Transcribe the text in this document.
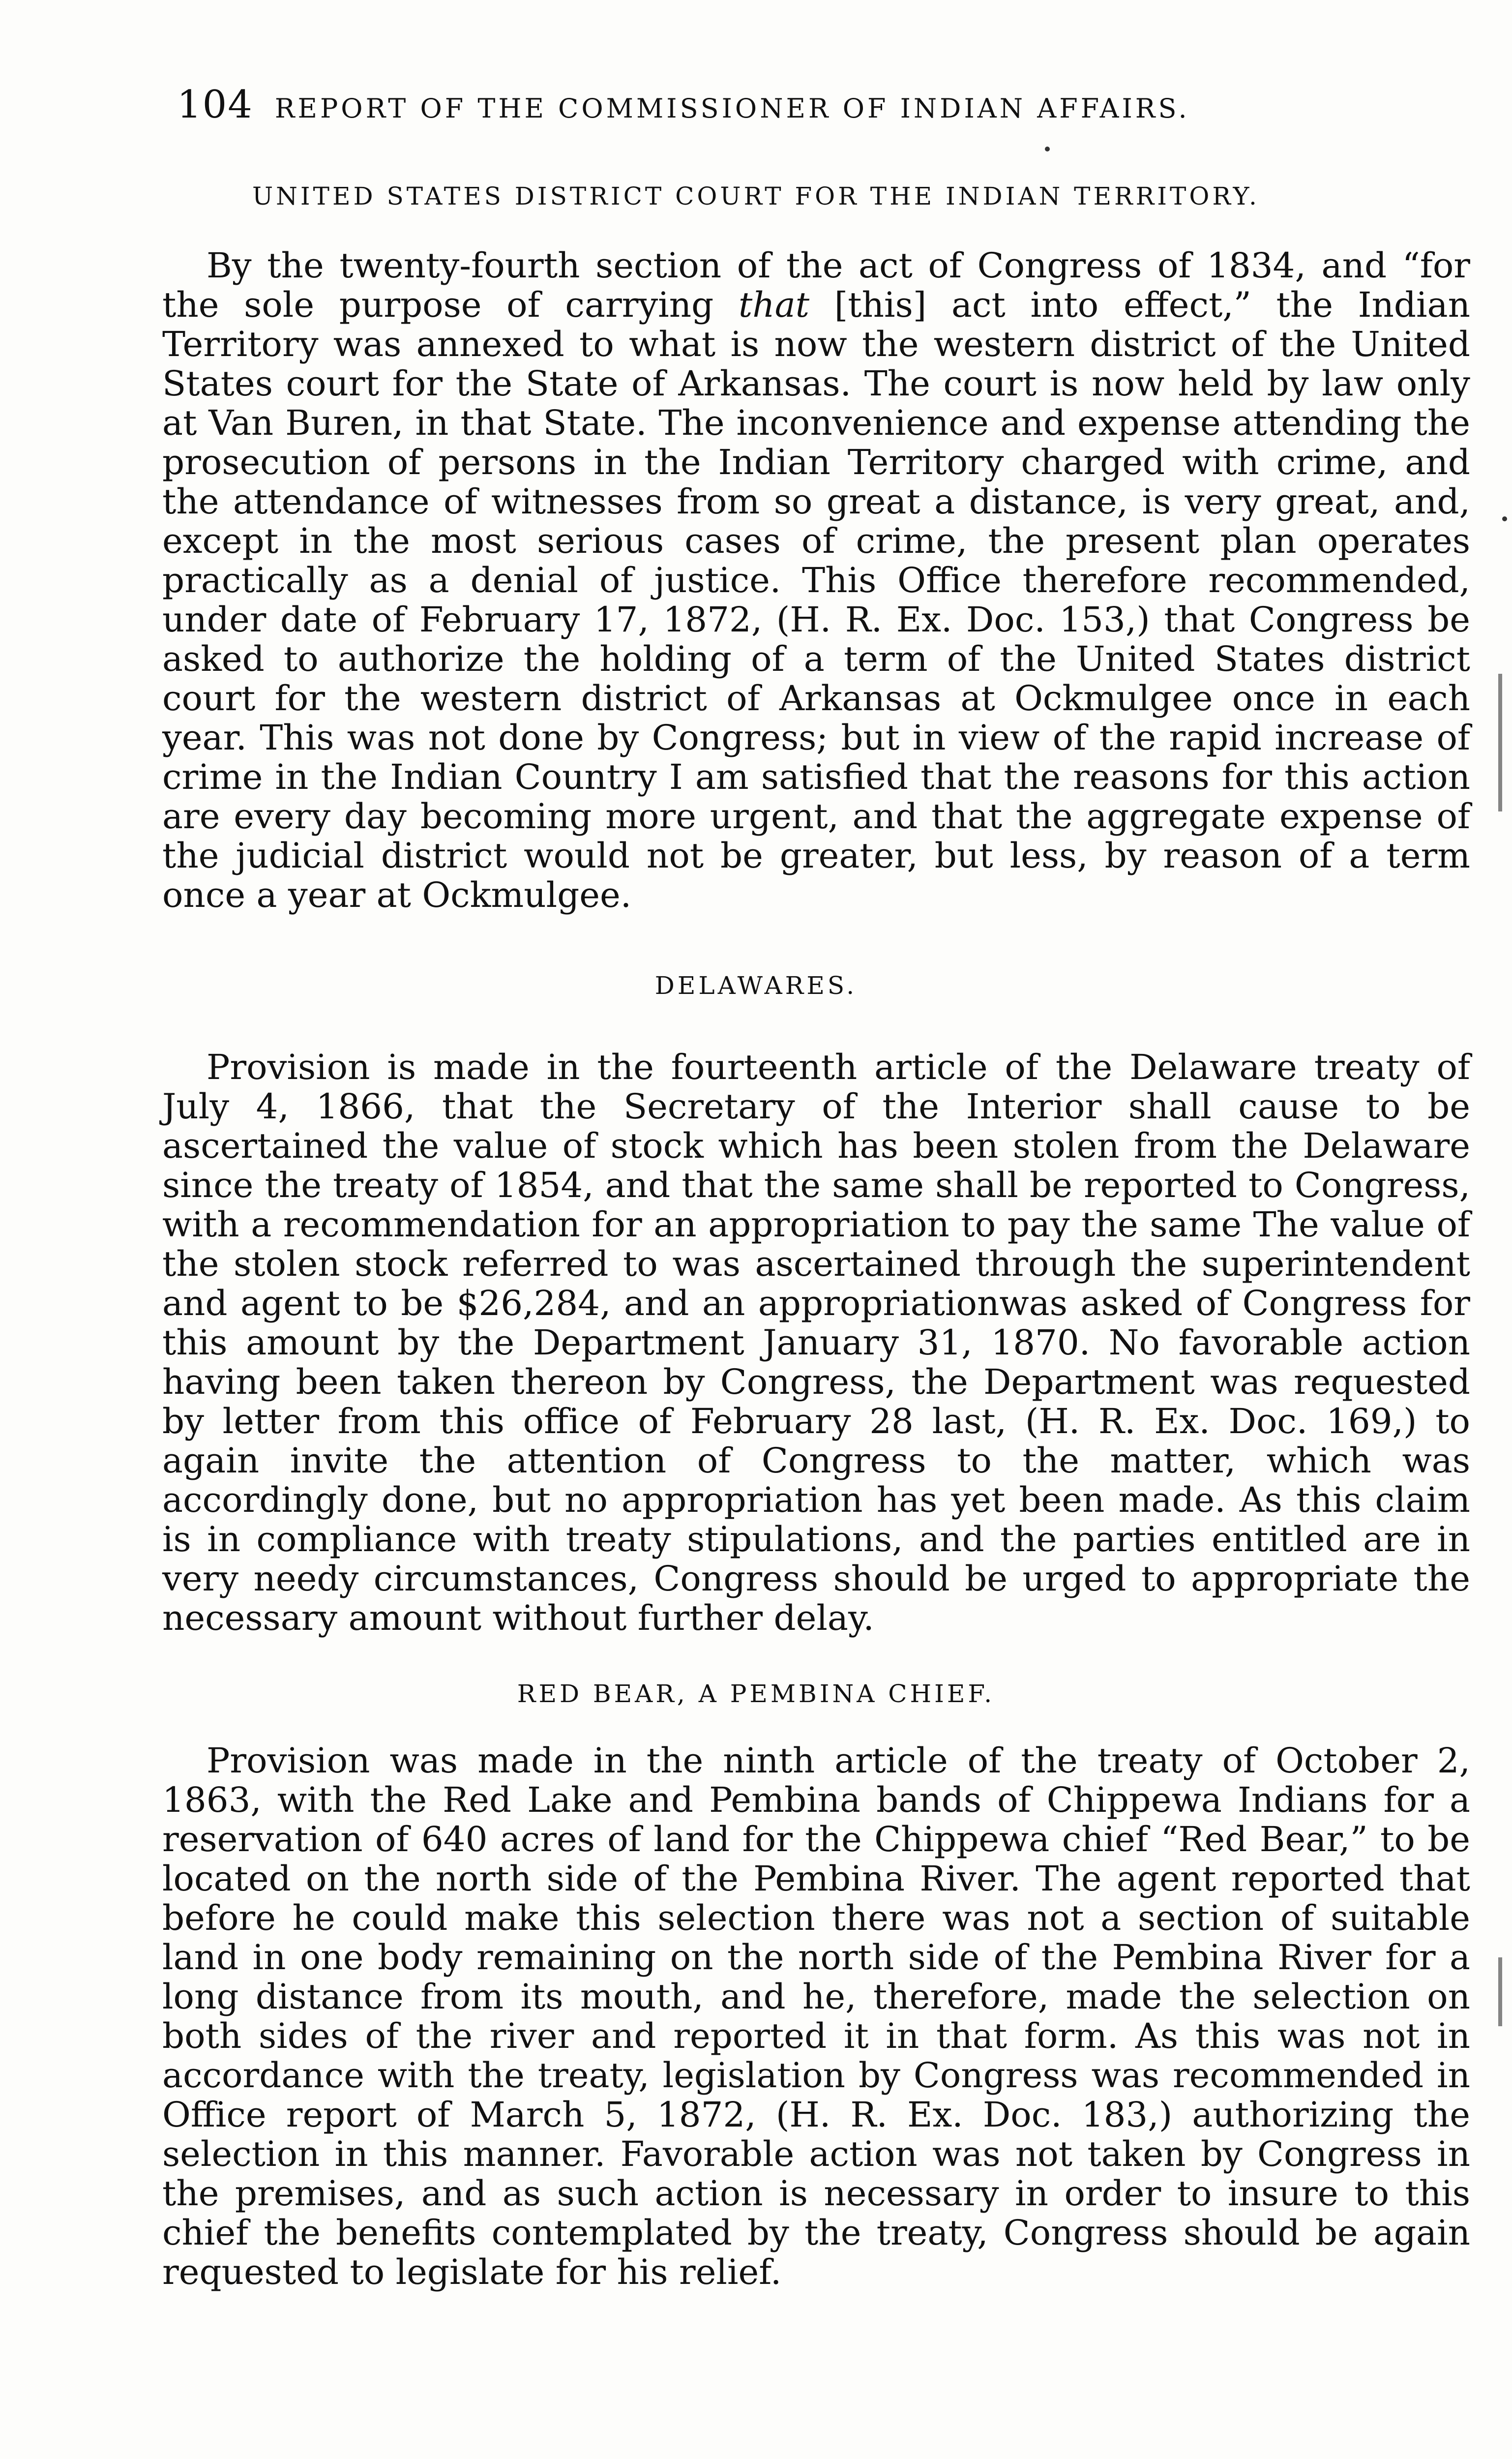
104 REPORT OF THE COMMISSIONER OF INDIAN AFFAIRS.
UNITED STATES DISTRICT COURT FOR THE INDIAN TERRITORY.

By the twenty-fourth section of the act of Congress of 1834, and “for the sole purpose of carrying that [this] act into effect,” the Indian Territory was annexed to what is now the western district of the United States court for the State of Arkansas. The court is now held by law only at Van Buren, in that State. The inconvenience and expense attending the prosecution of persons in the Indian Territory charged with crime, and the attendance of witnesses from so great a distance, is very great, and, except in the most serious cases of crime, the present plan operates practically as a denial of justice. This Office therefore recommended, under date of February 17, 1872, (H. R. Ex. Doc. 153,) that Congress be asked to authorize the holding of a term of the United States district court for the western district of Arkansas at Ockmulgee once in each year. This was not done by Congress; but in view of the rapid increase of crime in the Indian Country I am satisfied that the reasons for this action are every day becoming more urgent, and that the aggregate expense of the judicial district would not be greater, but less, by reason of a term once a year at Ockmulgee.

DELAWARES.

Provision is made in the fourteenth article of the Delaware treaty of July 4, 1866, that the Secretary of the Interior shall cause to be ascertained the value of stock which has been stolen from the Delaware since the treaty of 1854, and that the same shall be reported to Congress, with a recommendation for an appropriation to pay the same The value of the stolen stock referred to was ascertained through the superintendent and agent to be $26,284, and an appropriationwas asked of Congress for this amount by the Department January 31, 1870. No favorable action having been taken thereon by Congress, the Department was requested by letter from this office of February 28 last, (H. R. Ex. Doc. 169,) to again invite the attention of Congress to the matter, which was accordingly done, but no appropriation has yet been made. As this claim is in compliance with treaty stipulations, and the parties entitled are in very needy circumstances, Congress should be urged to appropriate the necessary amount without further delay.

RED BEAR, A PEMBINA CHIEF.

Provision was made in the ninth article of the treaty of October 2, 1863, with the Red Lake and Pembina bands of Chippewa Indians for a reservation of 640 acres of land for the Chippewa chief “Red Bear,” to be located on the north side of the Pembina River. The agent reported that before he could make this selection there was not a section of suitable land in one body remaining on the north side of the Pembina River for a long distance from its mouth, and he, therefore, made the selection on both sides of the river and reported it in that form. As this was not in accordance with the treaty, legislation by Congress was recommended in Office report of March 5, 1872, (H. R. Ex. Doc. 183,) authorizing the selection in this manner. Favorable action was not taken by Congress in the premises, and as such action is necessary in order to insure to this chief the benefits contemplated by the treaty, Congress should be again requested to legislate for his relief.
